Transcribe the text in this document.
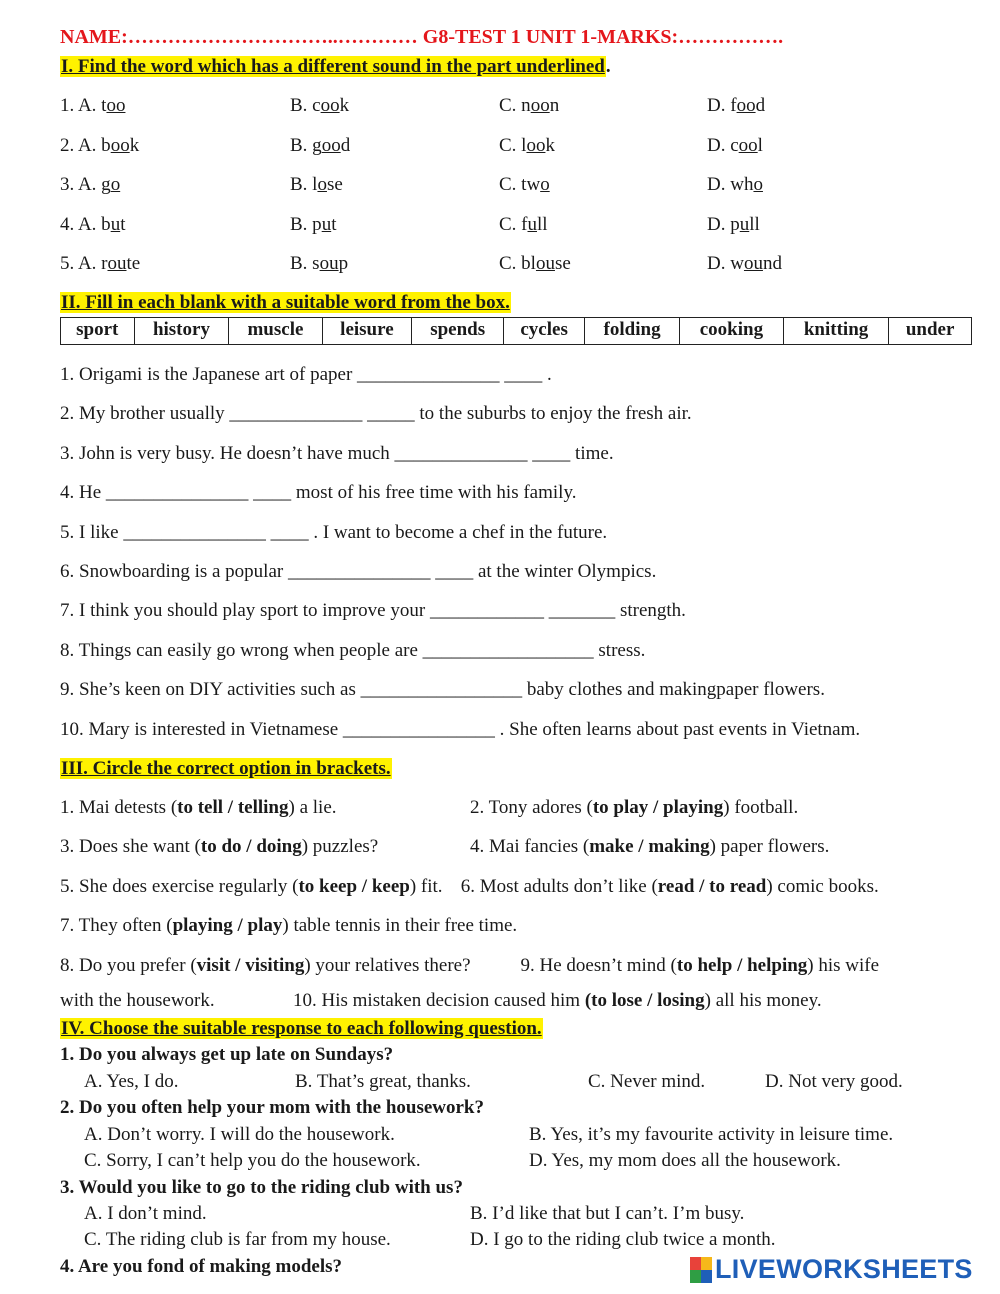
NAME:…………………………..………… G8-TEST 1 UNIT 1-MARKS:…………….
I. Find the word which has a different sound in the part underlined.
1. A. too	B. cook	C. noon	D. food
2. A. book	B. good	C. look	D. cool
3. A. go	B. lose	C. two	D. who
4. A. but	B. put	C. full	D. pull
5. A. route	B. soup	C. blouse	D. wound
II. Fill in each blank with a suitable word from the box.
sport	history	muscle	leisure	spends	cycles	folding	cooking	knitting	under
1. Origami is the Japanese art of paper _______________ ____ .
2. My brother usually ______________ _____ to the suburbs to enjoy the fresh air.
3. John is very busy. He doesn’t have much ______________ ____ time.
4. He _______________ ____ most of his free time with his family.
5. I like _______________ ____ . I want to become a chef in the future.
6. Snowboarding is a popular _______________ ____ at the winter Olympics.
7. I think you should play sport to improve your ____________ _______ strength.
8. Things can easily go wrong when people are __________________ stress.
9. She’s keen on DIY activities such as _________________ baby clothes and makingpaper flowers.
10. Mary is interested in Vietnamese ________________ . She often learns about past events in Vietnam.
III. Circle the correct option in brackets.
1. Mai detests (to tell / telling) a lie.	2. Tony adores (to play / playing) football.
3. Does she want (to do / doing) puzzles?	4. Mai fancies (make / making) paper flowers.
5. She does exercise regularly (to keep / keep) fit. 6. Most adults don’t like (read / to read) comic books.
7. They often (playing / play) table tennis in their free time.
8. Do you prefer (visit / visiting) your relatives there? 9. He doesn’t mind (to help / helping) his wife
with the housework.	10. His mistaken decision caused him (to lose / losing) all his money.
IV. Choose the suitable response to each following question.
1. Do you always get up late on Sundays?
A. Yes, I do.	B. That’s great, thanks.	C. Never mind.	D. Not very good.
2. Do you often help your mom with the housework?
A. Don’t worry. I will do the housework.	B. Yes, it’s my favourite activity in leisure time.
C. Sorry, I can’t help you do the housework.	D. Yes, my mom does all the housework.
3. Would you like to go to the riding club with us?
A. I don’t mind.	B. I’d like that but I can’t. I’m busy.
C. The riding club is far from my house.	D. I go to the riding club twice a month.
4. Are you fond of making models?	LIVEWORKSHEETS
